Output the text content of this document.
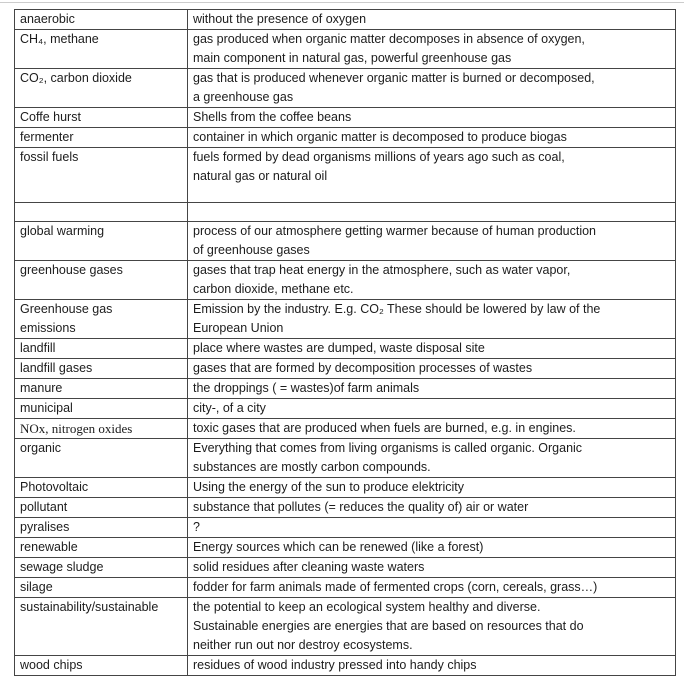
anaerobic	without the presence of oxygen
CH₄, methane	gas produced when organic matter decomposes in absence of oxygen,
main component in natural gas, powerful greenhouse gas
CO₂, carbon dioxide	gas that is produced whenever organic matter is burned or decomposed,
a greenhouse gas
Coffe hurst	Shells from the coffee beans
fermenter	container in which organic matter is decomposed to produce biogas
fossil fuels	fuels formed by dead organisms millions of years ago such as coal,
natural gas or natural oil

global warming	process of our atmosphere getting warmer because of human production
of greenhouse gases
greenhouse gases	gases that trap heat energy in the atmosphere, such as water vapor,
carbon dioxide, methane etc.
Greenhouse gas
emissions	Emission by the industry. E.g. CO₂ These should be lowered by law of the
European Union
landfill	place where wastes are dumped, waste disposal site
landfill gases	gases that are formed by decomposition processes of wastes
manure	the droppings ( = wastes)of farm animals
municipal	city-, of a city
NOx, nitrogen oxides	toxic gases that are produced when fuels are burned, e.g. in engines.
organic	Everything that comes from living organisms is called organic. Organic
substances are mostly carbon compounds.
Photovoltaic	Using the energy of the sun to produce elektricity
pollutant	substance that pollutes (= reduces the quality of) air or water
pyralises	?
renewable	Energy sources which can be renewed (like a forest)
sewage sludge	solid residues after cleaning waste waters
silage	fodder for farm animals made of fermented crops (corn, cereals, grass…)
sustainability/sustainable	the potential to keep an ecological system healthy and diverse.
Sustainable energies are energies that are based on resources that do
neither run out nor destroy ecosystems.
wood chips	residues of wood industry pressed into handy chips
